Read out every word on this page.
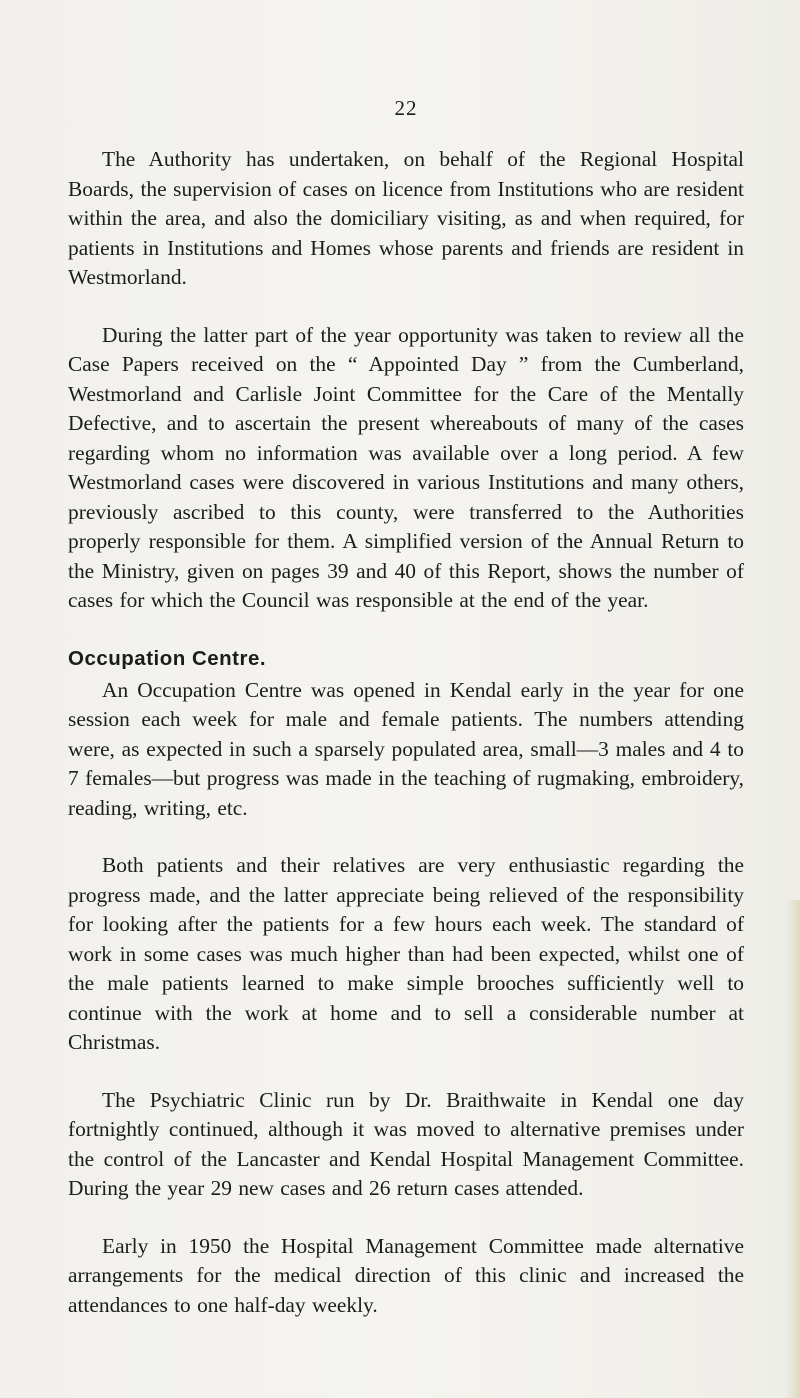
22

The Authority has undertaken, on behalf of the Regional Hospital Boards, the supervision of cases on licence from Institutions who are resident within the area, and also the domiciliary visiting, as and when required, for patients in Institutions and Homes whose parents and friends are resident in Westmorland.

During the latter part of the year opportunity was taken to review all the Case Papers received on the “ Appointed Day ” from the Cumberland, Westmorland and Carlisle Joint Committee for the Care of the Mentally Defective, and to ascertain the present whereabouts of many of the cases regarding whom no information was available over a long period. A few Westmorland cases were discovered in various Institutions and many others, previously ascribed to this county, were transferred to the Authorities properly responsible for them. A simplified version of the Annual Return to the Ministry, given on pages 39 and 40 of this Report, shows the number of cases for which the Council was responsible at the end of the year.

Occupation Centre.

An Occupation Centre was opened in Kendal early in the year for one session each week for male and female patients. The numbers attending were, as expected in such a sparsely populated area, small—3 males and 4 to 7 females—but progress was made in the teaching of rugmaking, embroidery, reading, writing, etc.

Both patients and their relatives are very enthusiastic regarding the progress made, and the latter appreciate being relieved of the responsibility for looking after the patients for a few hours each week. The standard of work in some cases was much higher than had been expected, whilst one of the male patients learned to make simple brooches sufficiently well to continue with the work at home and to sell a considerable number at Christmas.

The Psychiatric Clinic run by Dr. Braithwaite in Kendal one day fortnightly continued, although it was moved to alternative premises under the control of the Lancaster and Kendal Hospital Management Committee. During the year 29 new cases and 26 return cases attended.

Early in 1950 the Hospital Management Committee made alternative arrangements for the medical direction of this clinic and increased the attendances to one half-day weekly.
